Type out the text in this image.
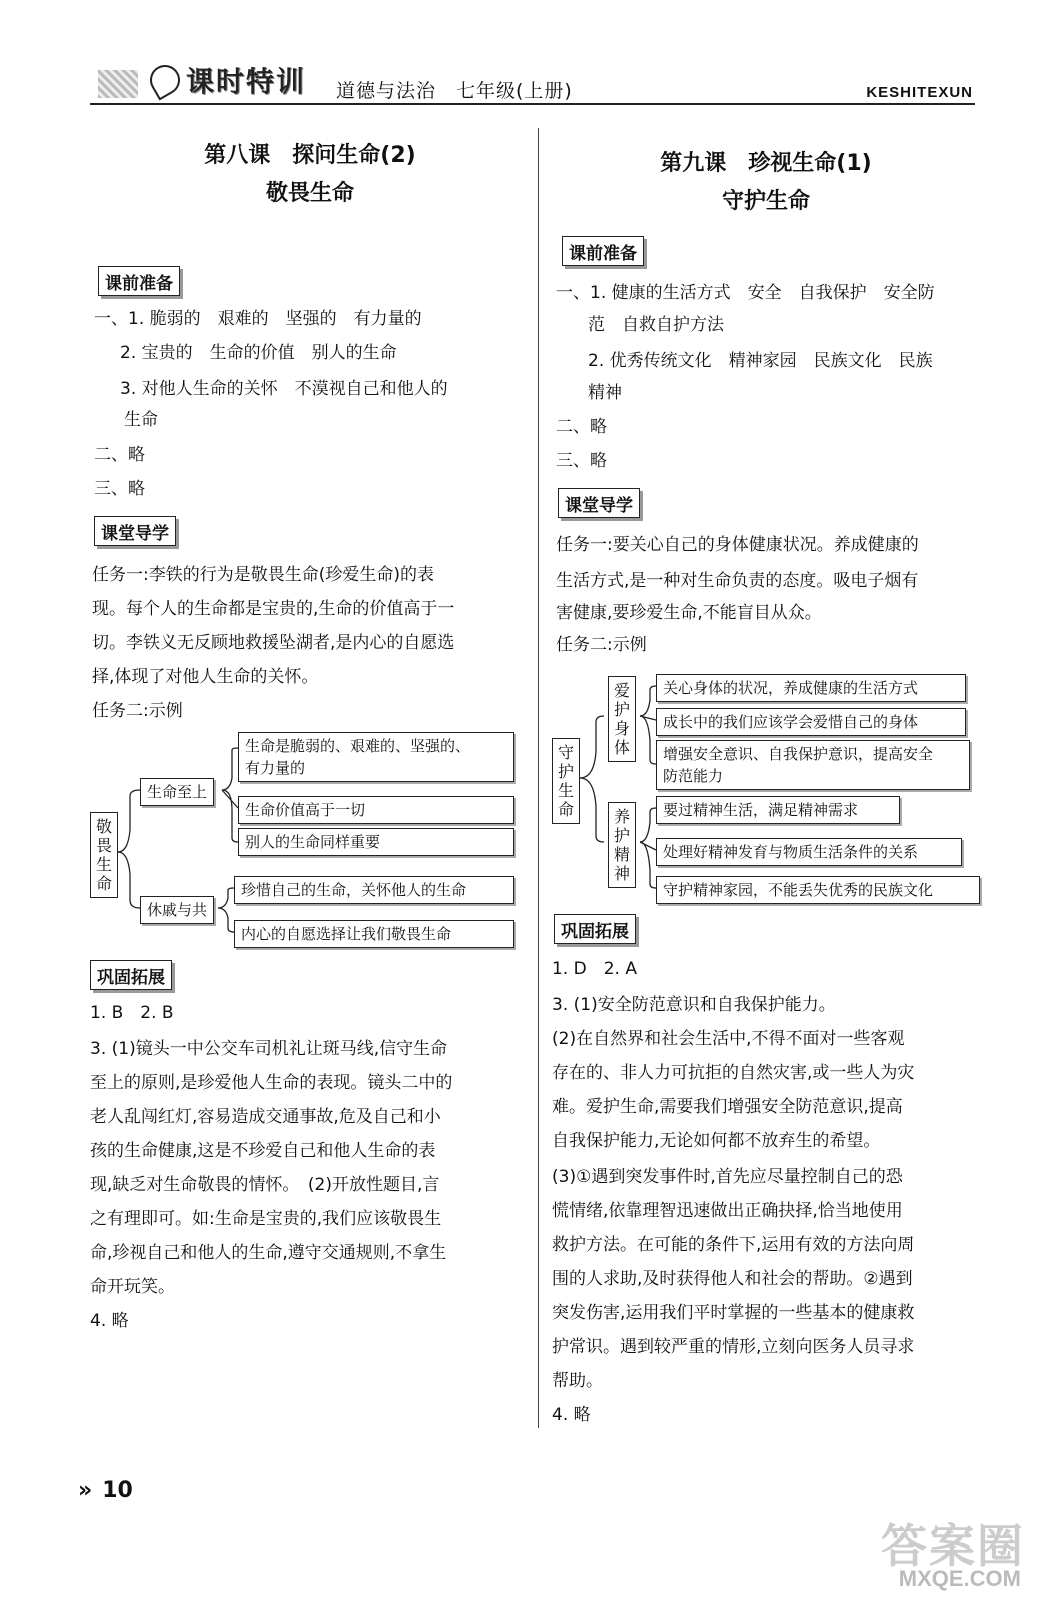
课时特训 道德与法治　七年级(上册)	KESHITEXUN
第八课　探问生命(2)
敬畏生命
课前准备
一、1. 脆弱的　艰难的　坚强的　有力量的
2. 宝贵的　生命的价值　别人的生命
3. 对他人生命的关怀　不漠视自己和他人的
生命
二、略
三、略
课堂导学
任务一:李铁的行为是敬畏生命(珍爱生命)的表
现。每个人的生命都是宝贵的,生命的价值高于一
切。李铁义无反顾地救援坠湖者,是内心的自愿选
择,体现了对他人生命的关怀。
任务二:示例
敬畏生命
生命至上
休戚与共
生命是脆弱的、艰难的、坚强的、
有力量的
生命价值高于一切
别人的生命同样重要
珍惜自己的生命，关怀他人的生命
内心的自愿选择让我们敬畏生命
巩固拓展
1. B　2. B
3. (1)镜头一中公交车司机礼让斑马线,信守生命
至上的原则,是珍爱他人生命的表现。镜头二中的
老人乱闯红灯,容易造成交通事故,危及自己和小
孩的生命健康,这是不珍爱自己和他人生命的表
现,缺乏对生命敬畏的情怀。　(2)开放性题目,言
之有理即可。如:生命是宝贵的,我们应该敬畏生
命,珍视自己和他人的生命,遵守交通规则,不拿生
命开玩笑。
4. 略
第九课　珍视生命(1)
守护生命
课前准备
一、1. 健康的生活方式　安全　自我保护　安全防
范　自救自护方法
2. 优秀传统文化　精神家园　民族文化　民族
精神
二、略
三、略
课堂导学
任务一:要关心自己的身体健康状况。养成健康的
生活方式,是一种对生命负责的态度。吸电子烟有
害健康,要珍爱生命,不能盲目从众。
任务二:示例
守护生命
爱护身体
养护精神
关心身体的状况，养成健康的生活方式
成长中的我们应该学会爱惜自己的身体
增强安全意识、自我保护意识，提高安全
防范能力
要过精神生活，满足精神需求
处理好精神发育与物质生活条件的关系
守护精神家园，不能丢失优秀的民族文化
巩固拓展
1. D　2. A
3. (1)安全防范意识和自我保护能力。
(2)在自然界和社会生活中,不得不面对一些客观
存在的、非人力可抗拒的自然灾害,或一些人为灾
难。爱护生命,需要我们增强安全防范意识,提高
自我保护能力,无论如何都不放弃生的希望。
(3)①遇到突发事件时,首先应尽量控制自己的恐
慌情绪,依靠理智迅速做出正确抉择,恰当地使用
救护方法。在可能的条件下,运用有效的方法向周
围的人求助,及时获得他人和社会的帮助。②遇到
突发伤害,运用我们平时掌握的一些基本的健康救
护常识。遇到较严重的情形,立刻向医务人员寻求
帮助。
4. 略
» 10
答案圈
MXQE.COM
